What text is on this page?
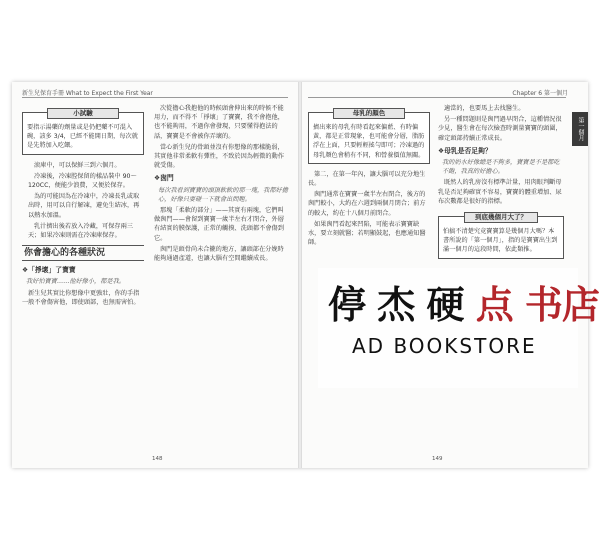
新生兒保育手冊 What to Expect the First Year
小試驗
要指示湯藥的劑量或是仍把藥不可混入碗，該多 3/4，已經不能開日期，每次就是先將加入吃餵。

滚庫中，可以保鮮三到六個月。

冷凍後，冷凍腔保留的樣品裝中 90～120CC，便能少浪費，又便於保存。

為的可能因為在冷凍中，冷凍長乳或取出時，用可以自行解凍，避免生結冰，再以熱水加溫。

乳汁擠出後若放入冷藏，可保存兩三天；如果冷凍則需在冷凍庫保存。

你會擔心的各種狀況
❖「掙壞」了寶寶

我好怕寶寶……他好像小，都是我。

新生兒其實比你想像中更強壯，你的手指一般不會傷害他，即使頭部，也無需害怕。

次從擔心我抱他的時候頭會伸出來的時候不能用力，而不得不「掙壞」了寶寶，我不會抱他，也不能夠用，不過你會發現，只要懂得抱法的話，寶寶是不會被你弄壞的。

當心新生兒的骨頭並沒有你想像的那樣脆弱，其實他非常柔軟有彈性，不致於因為輕微的動作就受傷。

❖囪門

每次我看到寶寶的頭頂軟軟的那一塊，我都好擔心，好像只要碰一下就會出問題。

那塊「柔軟的部分」——其實有兩塊，它們叫做囪門——會留到寶寶一歲半左右才閉合，外層有結實的膜保護，正常的觸摸、洗頭都不會傷到它。

囪門是頭骨尚未合攏的地方，讓頭部在分娩時能夠通過產道，也讓大腦有空間繼續成長。

148
Chapter 6 第一個月
第一個月
母乳的顏色
擠出來的母乳有時看起來偏藍、有時偏黃，都是正常現象，也可能會分層，脂肪浮在上面，只要輕輕搖勻即可；冷凍過的母乳顏色會稍有不同，和營養價值無關。

第二，在第一年內，讓大腦可以充分地生長。

囪門通常在寶寶一歲半左右閉合，後方的囪門較小，大約在六週到兩個月閉合；前方的較大，約在十八個月前閉合。

如果囪門看起來凹陷，可能表示寶寶缺水，要立刻就醫；若明顯鼓起，也應通知醫師。

適當的，也要馬上去找醫生。

另一種問題則是囪門過早閉合，這種情況很少見，醫生會在每次檢查時測量寶寶的頭圍，確定頭部持續正常成長。

❖母乳是否足夠？

我的奶水好像總是不夠多，寶寶是不是都吃不飽，我真的好擔心。

既然人的乳房沒有標準計量，用肉眼判斷母乳是否足夠確實不容易，寶寶的體重增加、尿布次數都是很好的指標。

到底幾個月大了？
怕搞不清楚究竟寶寶算是幾個月大嗎？本書所說的「第一個月」，指的是寶寶出生到滿一個月的這段時間，依此類推。
149
停 杰 硬 点 书店
AD BOOKSTORE
